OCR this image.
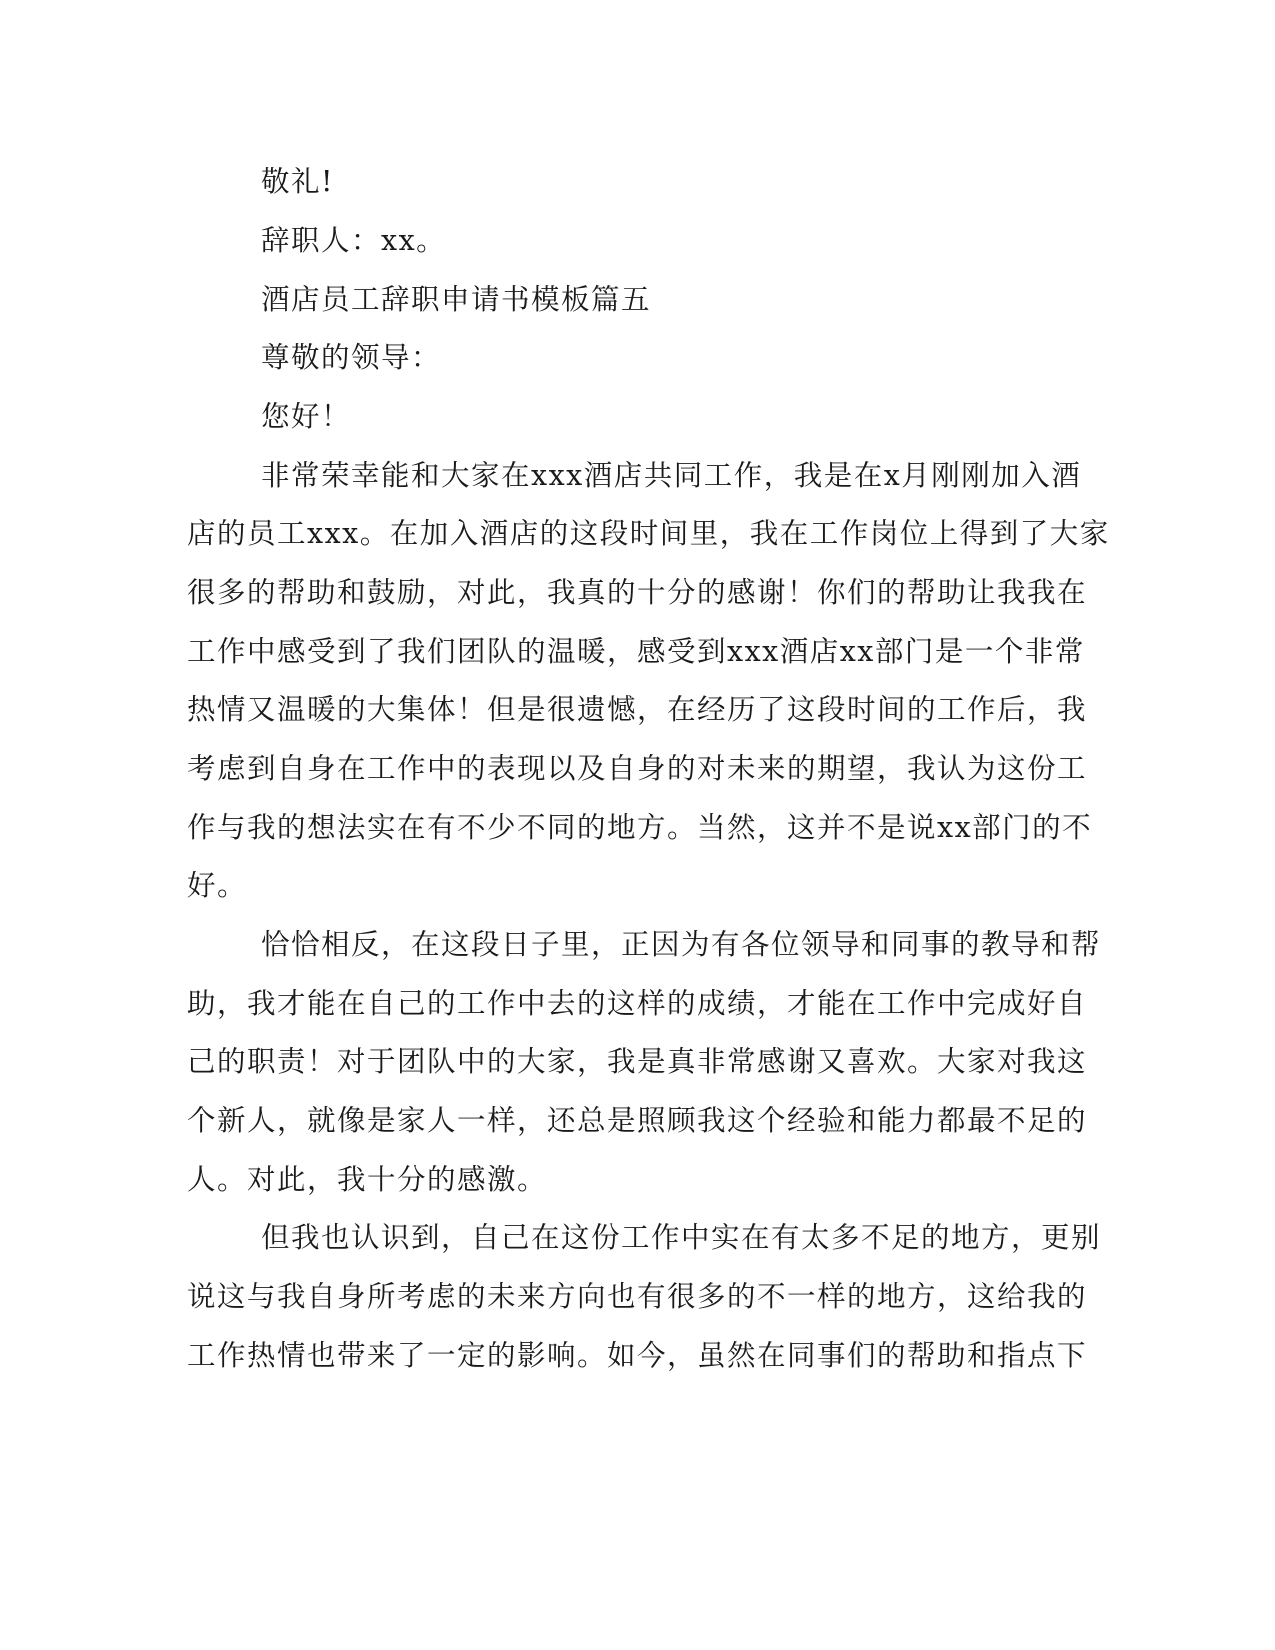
敬礼!
辞职人：xx。
酒店员工辞职申请书模板篇五
尊敬的领导：
您好！
非常荣幸能和大家在xxx酒店共同工作，我是在x月刚刚加入酒
店的员工xxx。在加入酒店的这段时间里，我在工作岗位上得到了大家
很多的帮助和鼓励，对此，我真的十分的感谢！你们的帮助让我我在
工作中感受到了我们团队的温暖，感受到xxx酒店xx部门是一个非常
热情又温暖的大集体！但是很遗憾，在经历了这段时间的工作后，我
考虑到自身在工作中的表现以及自身的对未来的期望，我认为这份工
作与我的想法实在有不少不同的地方。当然，这并不是说xx部门的不
好。
恰恰相反，在这段日子里，正因为有各位领导和同事的教导和帮
助，我才能在自己的工作中去的这样的成绩，才能在工作中完成好自
己的职责！对于团队中的大家，我是真非常感谢又喜欢。大家对我这
个新人，就像是家人一样，还总是照顾我这个经验和能力都最不足的
人。对此，我十分的感激。
但我也认识到，自己在这份工作中实在有太多不足的地方，更别
说这与我自身所考虑的未来方向也有很多的不一样的地方，这给我的
工作热情也带来了一定的影响。如今，虽然在同事们的帮助和指点下
